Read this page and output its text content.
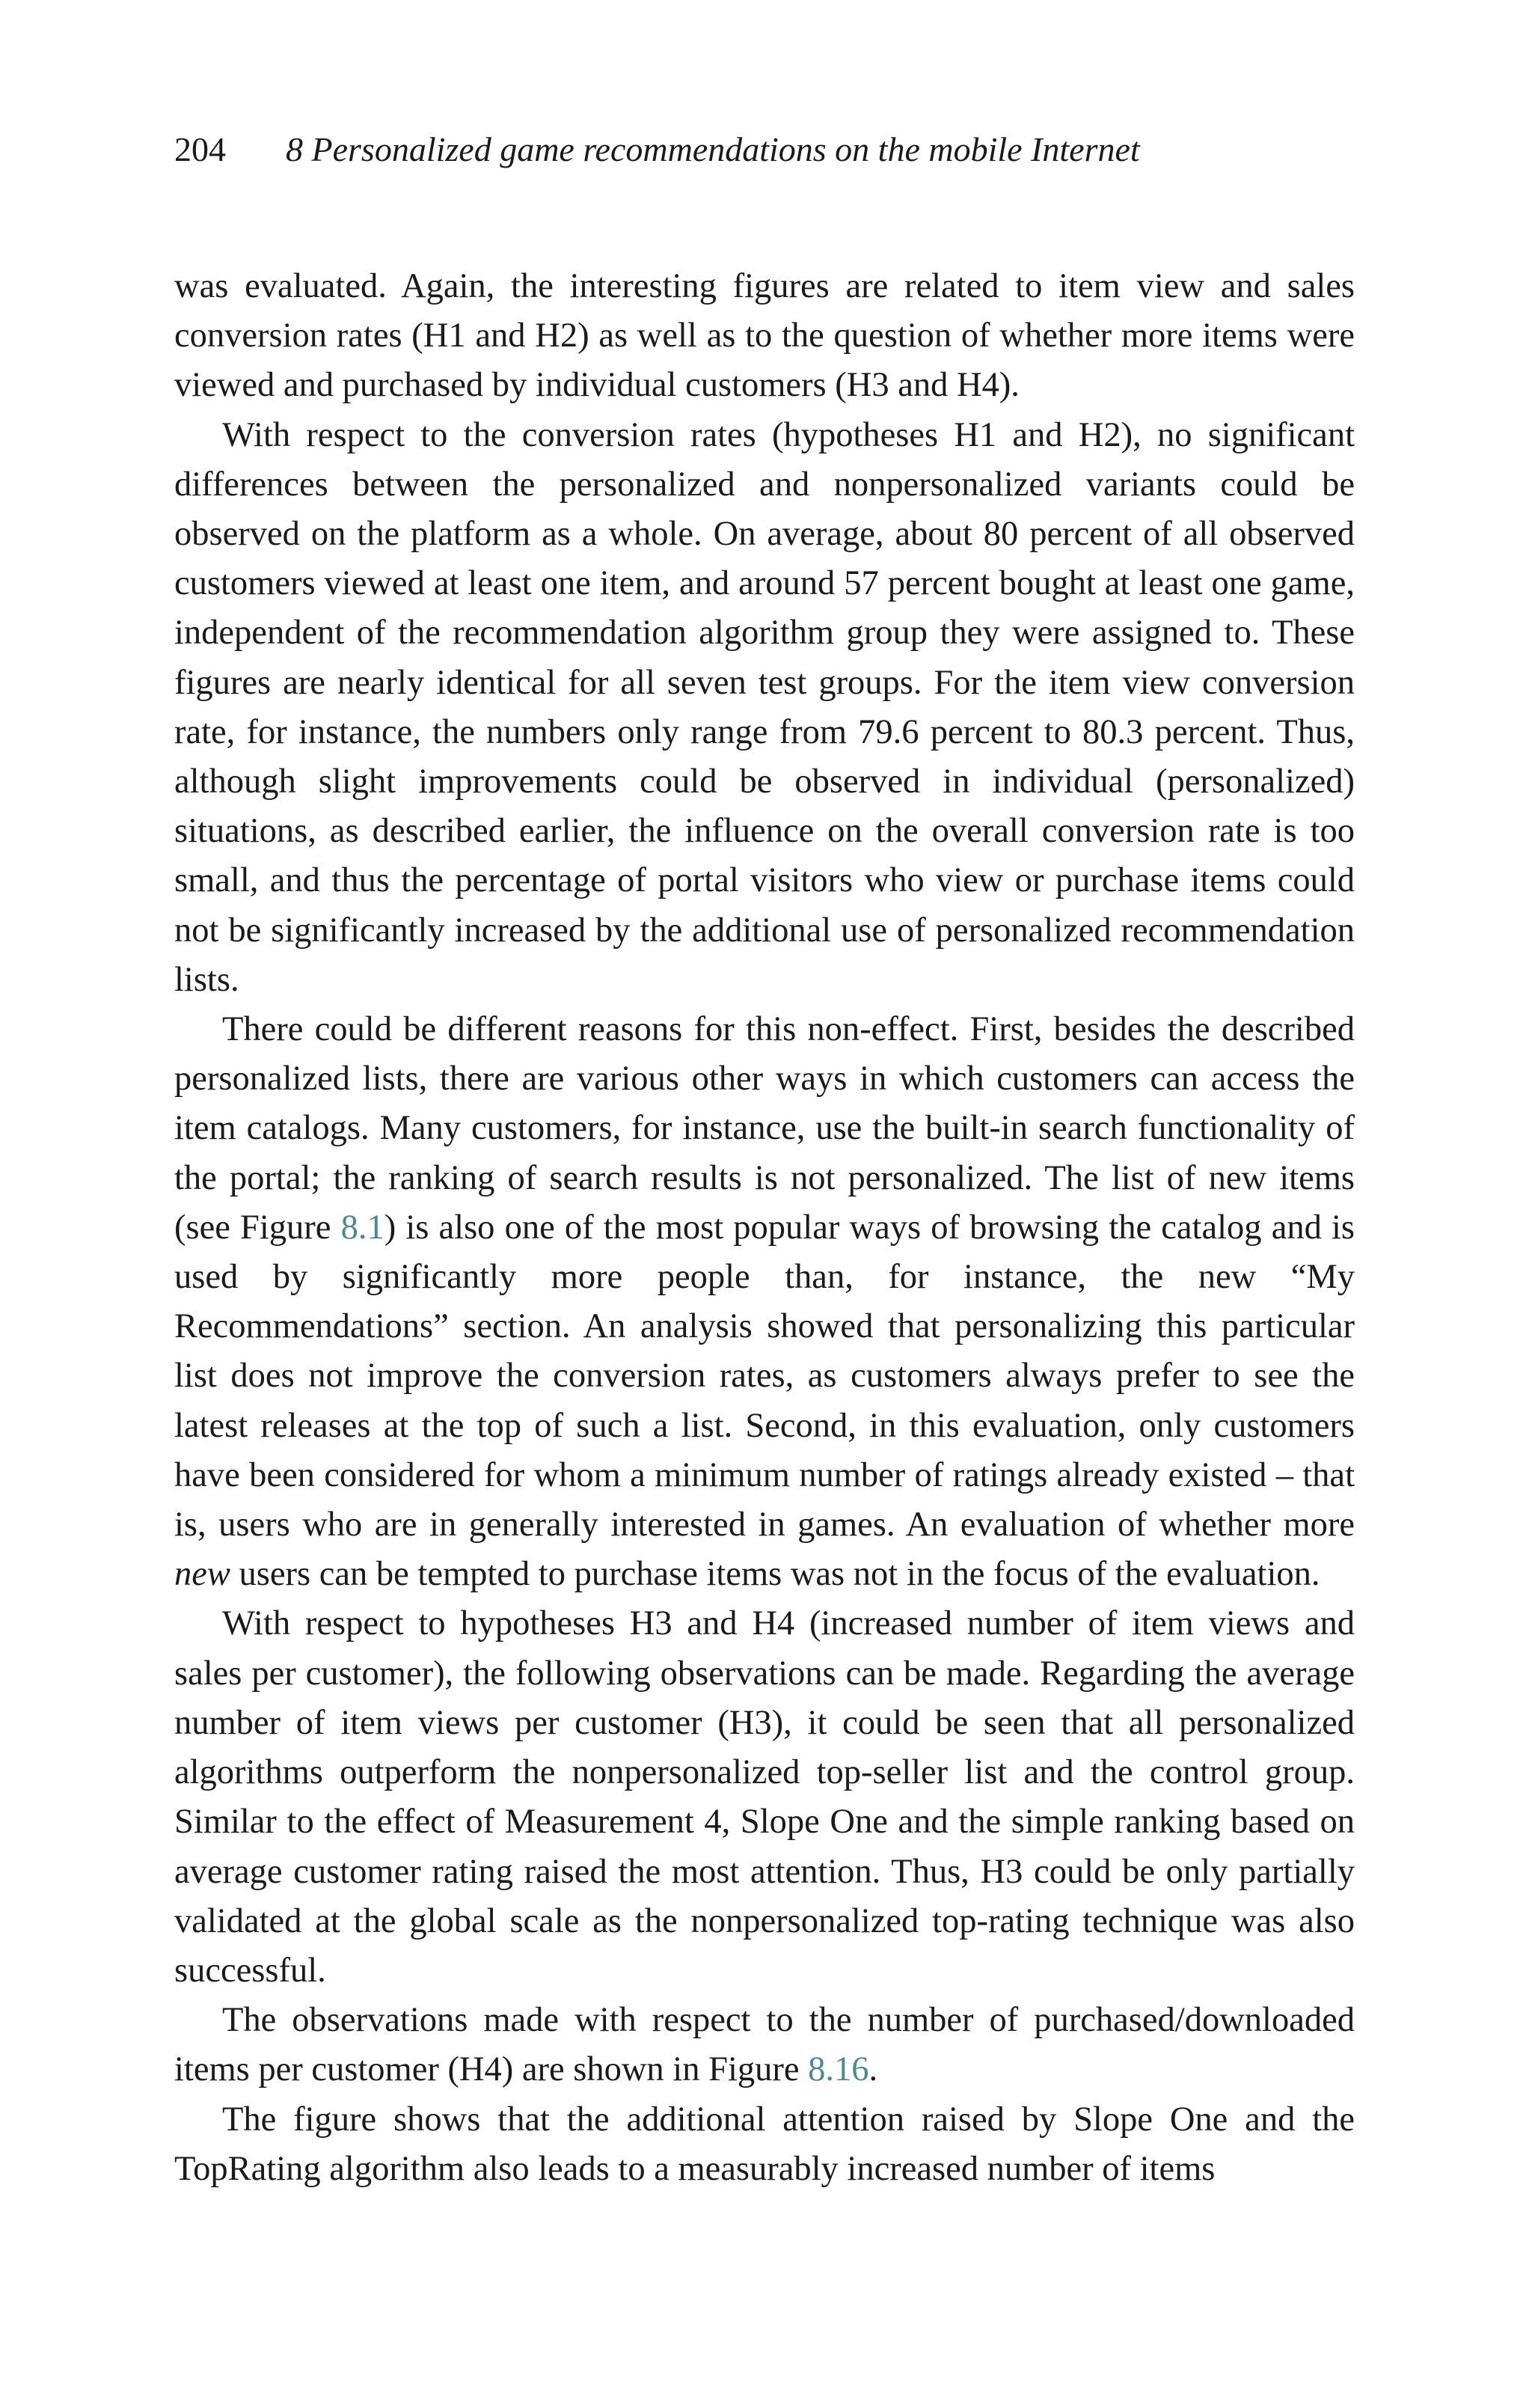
204 8 Personalized game recommendations on the mobile Internet

was evaluated. Again, the interesting figures are related to item view and sales conversion rates (H1 and H2) as well as to the question of whether more items were viewed and purchased by individual customers (H3 and H4).

With respect to the conversion rates (hypotheses H1 and H2), no significant differences between the personalized and nonpersonalized variants could be observed on the platform as a whole. On average, about 80 percent of all observed customers viewed at least one item, and around 57 percent bought at least one game, independent of the recommendation algorithm group they were assigned to. These figures are nearly identical for all seven test groups. For the item view conversion rate, for instance, the numbers only range from 79.6 percent to 80.3 percent. Thus, although slight improvements could be observed in individual (personalized) situations, as described earlier, the influence on the overall conversion rate is too small, and thus the percentage of portal visitors who view or purchase items could not be significantly increased by the additional use of personalized recommendation lists.

There could be different reasons for this non-effect. First, besides the described personalized lists, there are various other ways in which customers can access the item catalogs. Many customers, for instance, use the built-in search functionality of the portal; the ranking of search results is not personalized. The list of new items (see Figure 8.1) is also one of the most popular ways of browsing the catalog and is used by significantly more people than, for instance, the new “My Recommendations” section. An analysis showed that personalizing this particular list does not improve the conversion rates, as customers always prefer to see the latest releases at the top of such a list. Second, in this evaluation, only customers have been considered for whom a minimum number of ratings already existed – that is, users who are in generally interested in games. An evaluation of whether more new users can be tempted to purchase items was not in the focus of the evaluation.

With respect to hypotheses H3 and H4 (increased number of item views and sales per customer), the following observations can be made. Regarding the average number of item views per customer (H3), it could be seen that all personalized algorithms outperform the nonpersonalized top-seller list and the control group. Similar to the effect of Measurement 4, Slope One and the simple ranking based on average customer rating raised the most attention. Thus, H3 could be only partially validated at the global scale as the nonpersonalized top-rating technique was also successful.

The observations made with respect to the number of purchased/downloaded items per customer (H4) are shown in Figure 8.16.

The figure shows that the additional attention raised by Slope One and the TopRating algorithm also leads to a measurably increased number of items
